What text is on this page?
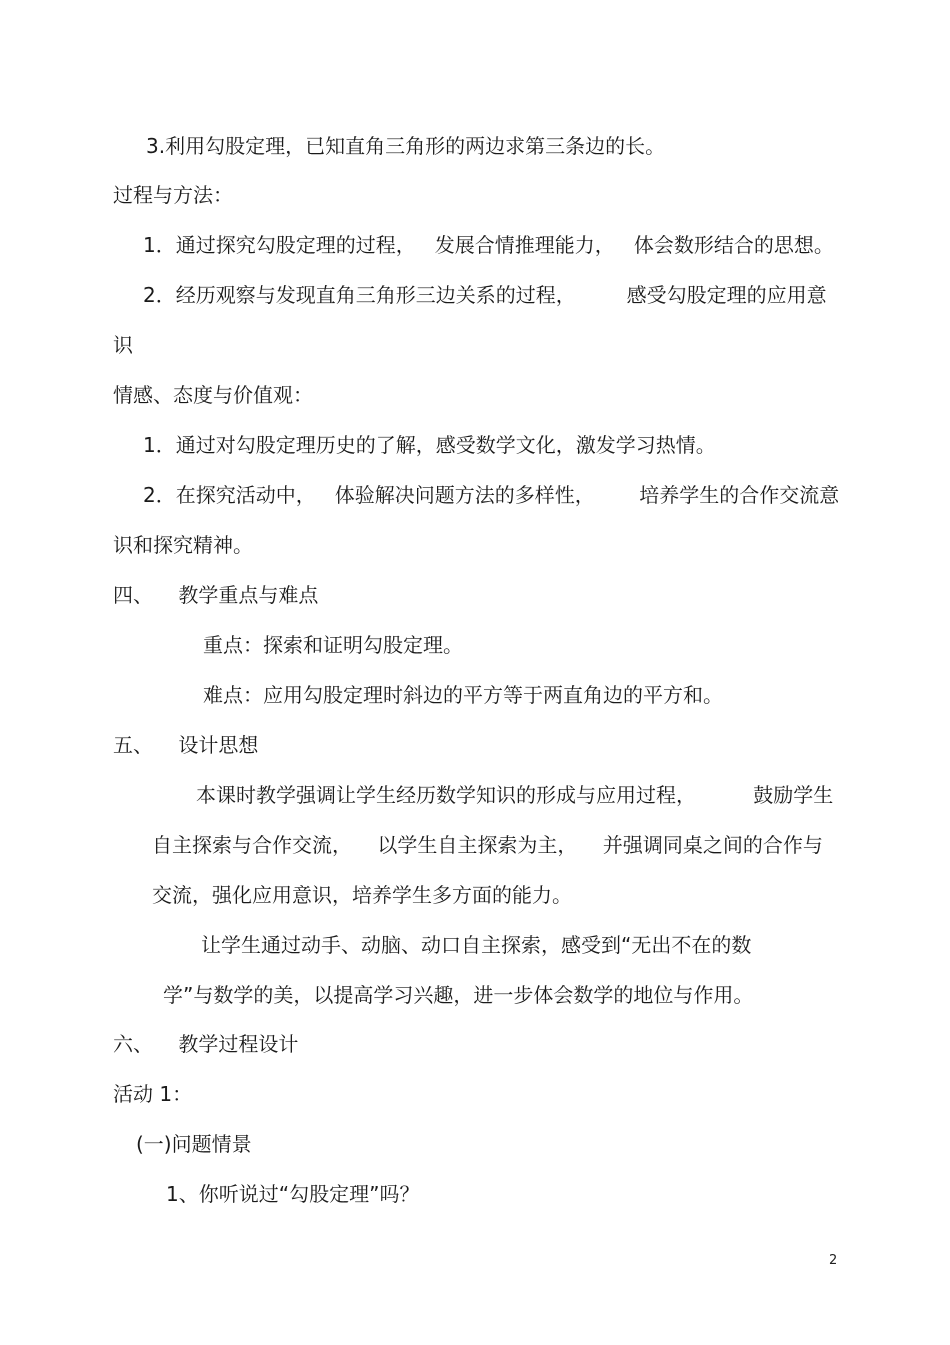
3.利用勾股定理，已知直角三角形的两边求第三条边的长。
过程与方法：
1．通过探究勾股定理的过程，   发展合情推理能力，   体会数形结合的思想。
2．经历观察与发现直角三角形三边关系的过程，        感受勾股定理的应用意
识
情感、态度与价值观：
1．通过对勾股定理历史的了解，感受数学文化，激发学习热情。
2．在探究活动中，   体验解决问题方法的多样性，       培养学生的合作交流意
识和探究精神。
四、    教学重点与难点
重点：探索和证明勾股定理。
难点：应用勾股定理时斜边的平方等于两直角边的平方和。
五、    设计思想
本课时教学强调让学生经历数学知识的形成与应用过程，         鼓励学生
自主探索与合作交流，    以学生自主探索为主，    并强调同桌之间的合作与
交流，强化应用意识，培养学生多方面的能力。
让学生通过动手、动脑、动口自主探索，感受到“无出不在的数
学”与数学的美，以提高学习兴趣，进一步体会数学的地位与作用。
六、    教学过程设计
活动 1：
(一)问题情景
1、你听说过“勾股定理”吗？
2
